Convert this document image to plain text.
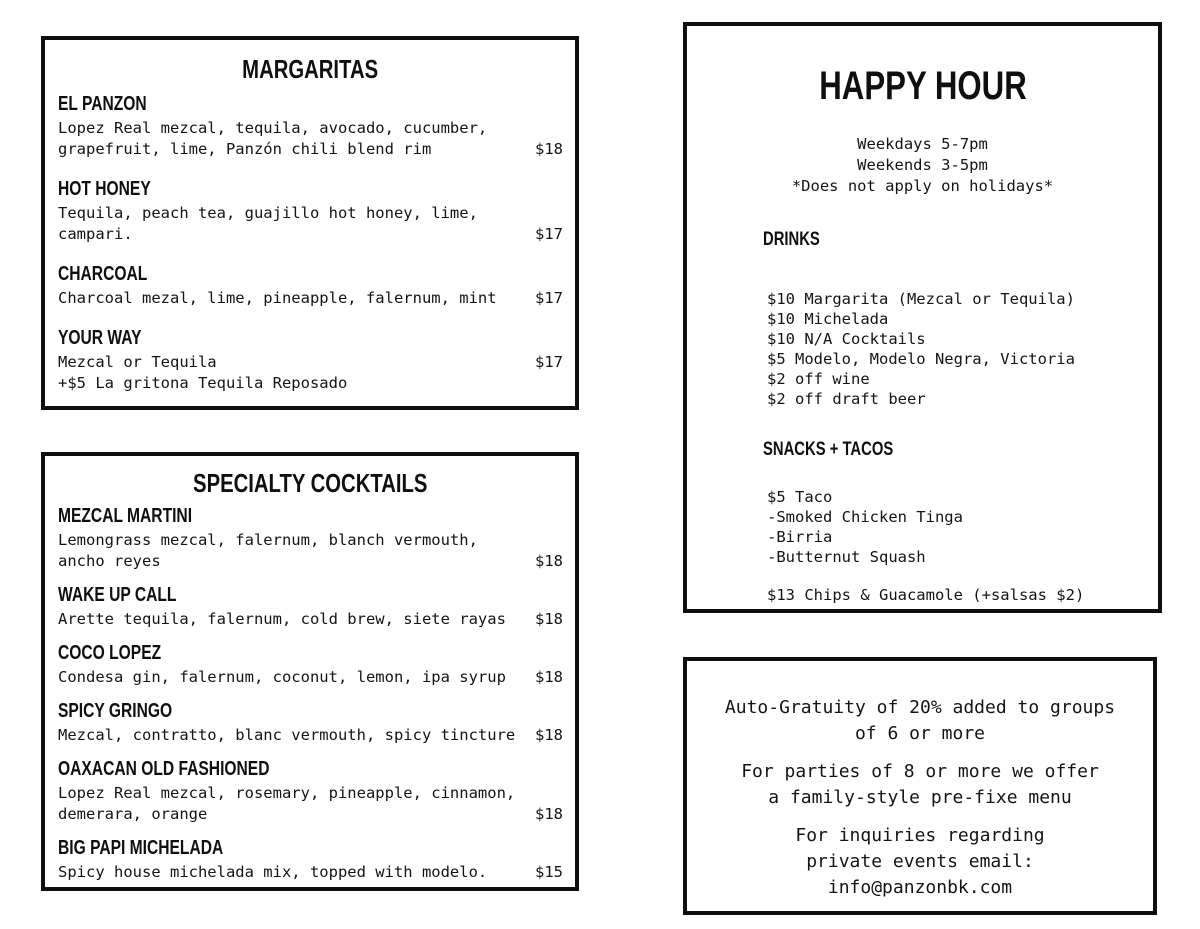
MARGARITAS
EL PANZON
Lopez Real mezcal, tequila, avocado, cucumber, grapefruit, lime, Panzón chili blend rim	$18
HOT HONEY
Tequila, peach tea, guajillo hot honey, lime, campari.	$17
CHARCOAL
Charcoal mezal, lime, pineapple, falernum, mint	$17
YOUR WAY
Mezcal or Tequila	$17
+$5 La gritona Tequila Reposado
SPECIALTY COCKTAILS
MEZCAL MARTINI
Lemongrass mezcal, falernum, blanch vermouth, ancho reyes	$18
WAKE UP CALL
Arette tequila, falernum, cold brew, siete rayas	$18
COCO LOPEZ
Condesa gin, falernum, coconut, lemon, ipa syrup	$18
SPICY GRINGO
Mezcal, contratto, blanc vermouth, spicy tincture	$18
OAXACAN OLD FASHIONED
Lopez Real mezcal, rosemary, pineapple, cinnamon, demerara, orange	$18
BIG PAPI MICHELADA
Spicy house michelada mix, topped with modelo.	$15
HAPPY HOUR
Weekdays 5-7pm
Weekends 3-5pm
*Does not apply on holidays*
DRINKS
$10 Margarita (Mezcal or Tequila)
$10 Michelada
$10 N/A Cocktails
$5 Modelo, Modelo Negra, Victoria
$2 off wine
$2 off draft beer
SNACKS + TACOS
$5 Taco
-Smoked Chicken Tinga
-Birria
-Butternut Squash
$13 Chips & Guacamole (+salsas $2)
Auto-Gratuity of 20% added to groups
of 6 or more
For parties of 8 or more we offer
a family-style pre-fixe menu
For inquiries regarding
private events email:
info@panzonbk.com
